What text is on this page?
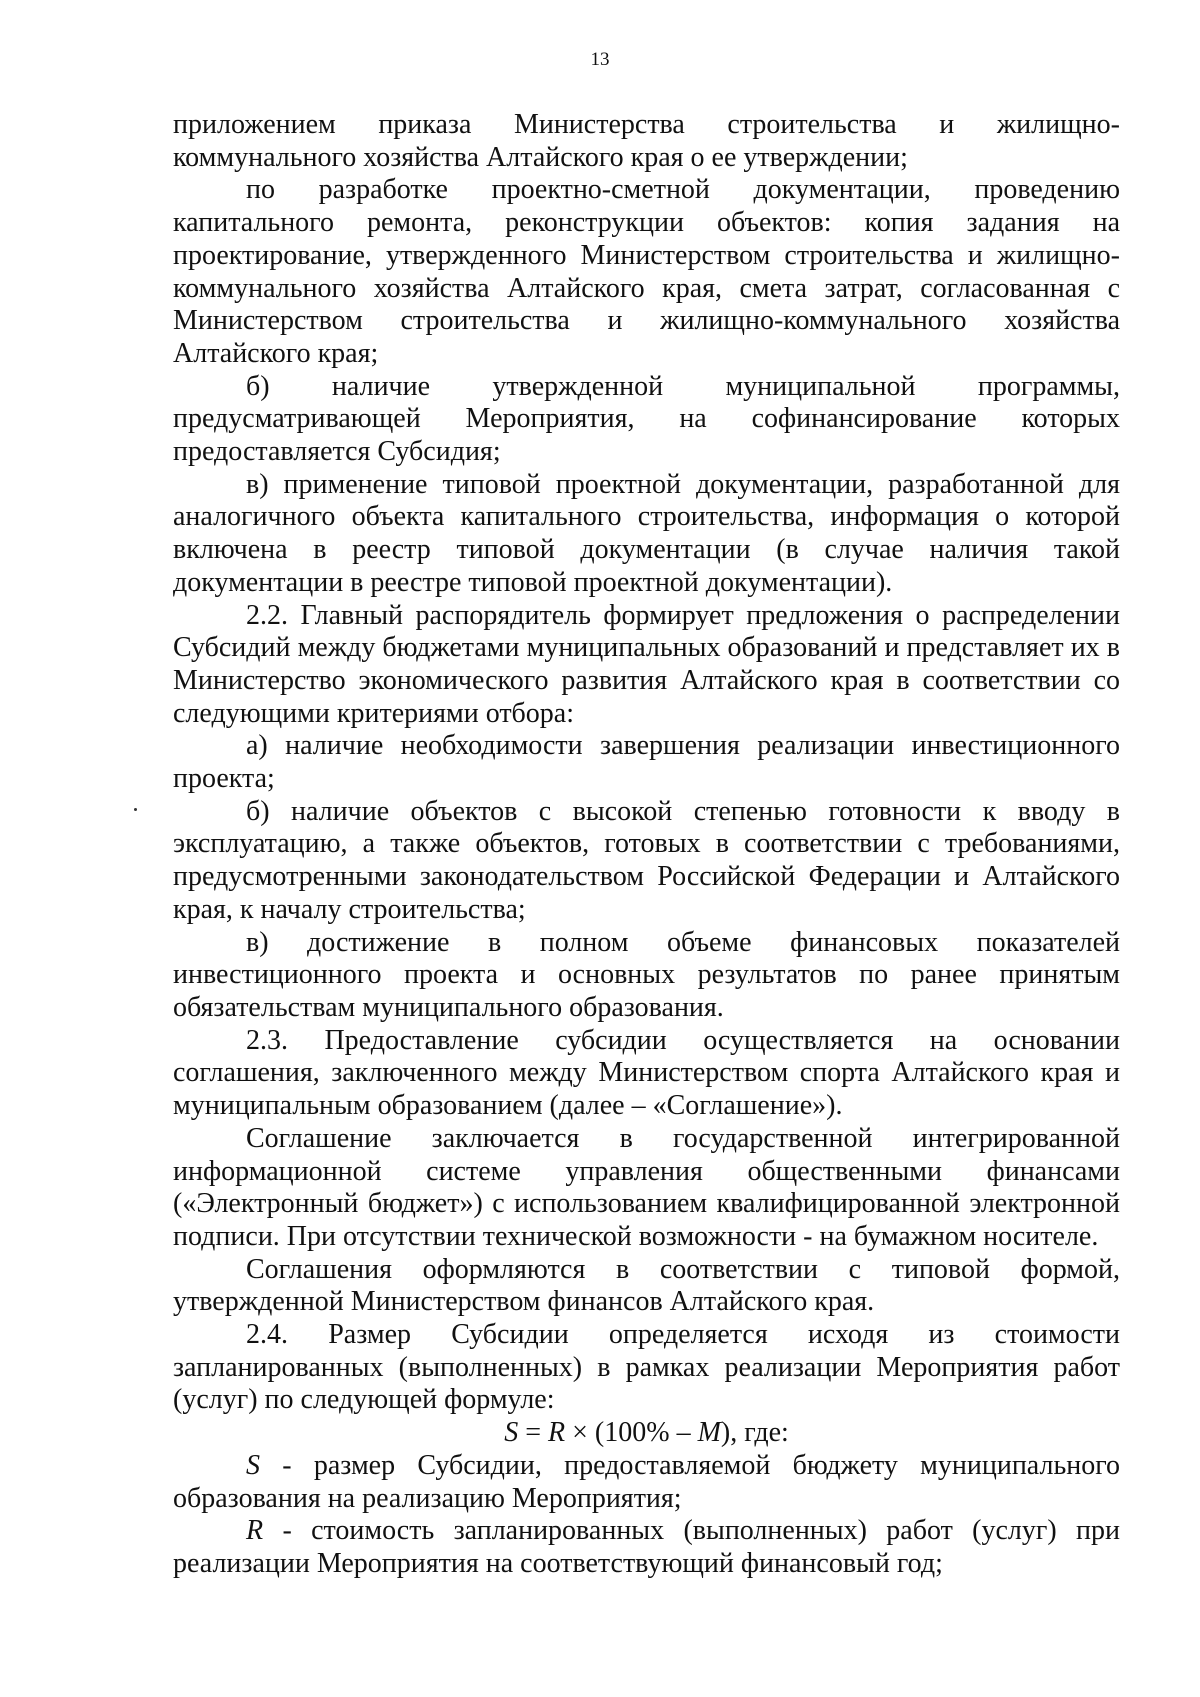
13

приложением приказа Министерства строительства и жилищно-коммунального хозяйства Алтайского края о ее утверждении;

по разработке проектно-сметной документации, проведению капитального ремонта, реконструкции объектов: копия задания на проектирование, утвержденного Министерством строительства и жилищно-коммунального хозяйства Алтайского края, смета затрат, согласованная с Министерством строительства и жилищно-коммунального хозяйства Алтайского края;

б) наличие утвержденной муниципальной программы, предусматривающей Мероприятия, на софинансирование которых предоставляется Субсидия;

в) применение типовой проектной документации, разработанной для аналогичного объекта капитального строительства, информация о которой включена в реестр типовой документации (в случае наличия такой документации в реестре типовой проектной документации).

2.2. Главный распорядитель формирует предложения о распределении Субсидий между бюджетами муниципальных образований и представляет их в Министерство экономического развития Алтайского края в соответствии со следующими критериями отбора:

а) наличие необходимости завершения реализации инвестиционного проекта;

б) наличие объектов с высокой степенью готовности к вводу в эксплуатацию, а также объектов, готовых в соответствии с требованиями, предусмотренными законодательством Российской Федерации и Алтайского края, к началу строительства;

в) достижение в полном объеме финансовых показателей инвестиционного проекта и основных результатов по ранее принятым обязательствам муниципального образования.

2.3. Предоставление субсидии осуществляется на основании соглашения, заключенного между Министерством спорта Алтайского края и муниципальным образованием (далее – «Соглашение»).

Соглашение заключается в государственной интегрированной информационной системе управления общественными финансами («Электронный бюджет») с использованием квалифицированной электронной подписи. При отсутствии технической возможности - на бумажном носителе.

Соглашения оформляются в соответствии с типовой формой, утвержденной Министерством финансов Алтайского края.

2.4. Размер Субсидии определяется исходя из стоимости запланированных (выполненных) в рамках реализации Мероприятия работ (услуг) по следующей формуле:

S = R × (100% – M), где:

S - размер Субсидии, предоставляемой бюджету муниципального образования на реализацию Мероприятия;

R - стоимость запланированных (выполненных) работ (услуг) при реализации Мероприятия на соответствующий финансовый год;
